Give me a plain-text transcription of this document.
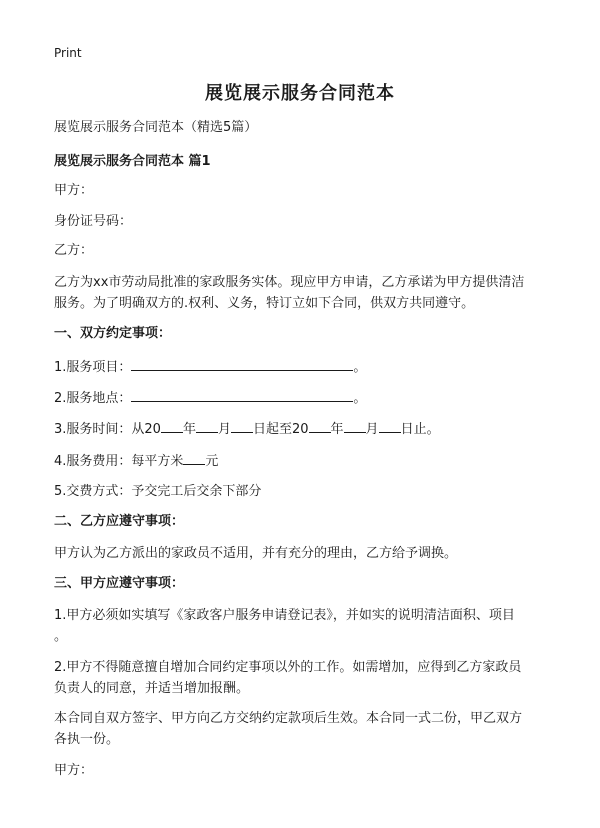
Print
展览展示服务合同范本
展览展示服务合同范本（精选5篇）
展览展示服务合同范本 篇1
甲方：
身份证号码：
乙方：
乙方为xx市劳动局批准的家政服务实体。现应甲方申请，乙方承诺为甲方提供清洁
服务。为了明确双方的.权利、义务，特订立如下合同，供双方共同遵守。
一、双方约定事项：
1.服务项目：	。
2.服务地点：	。
3.服务时间：从20 年 月 日起至20 年 月 日止。
4.服务费用：每平方米 元
5.交费方式：予交完工后交余下部分
二、乙方应遵守事项：
甲方认为乙方派出的家政员不适用，并有充分的理由，乙方给予调换。
三、甲方应遵守事项：
1.甲方必须如实填写《家政客户服务申请登记表》，并如实的说明清洁面积、项目
。
2.甲方不得随意擅自增加合同约定事项以外的工作。如需增加，应得到乙方家政员
负责人的同意，并适当增加报酬。
本合同自双方签字、甲方向乙方交纳约定款项后生效。本合同一式二份，甲乙双方
各执一份。
甲方：
